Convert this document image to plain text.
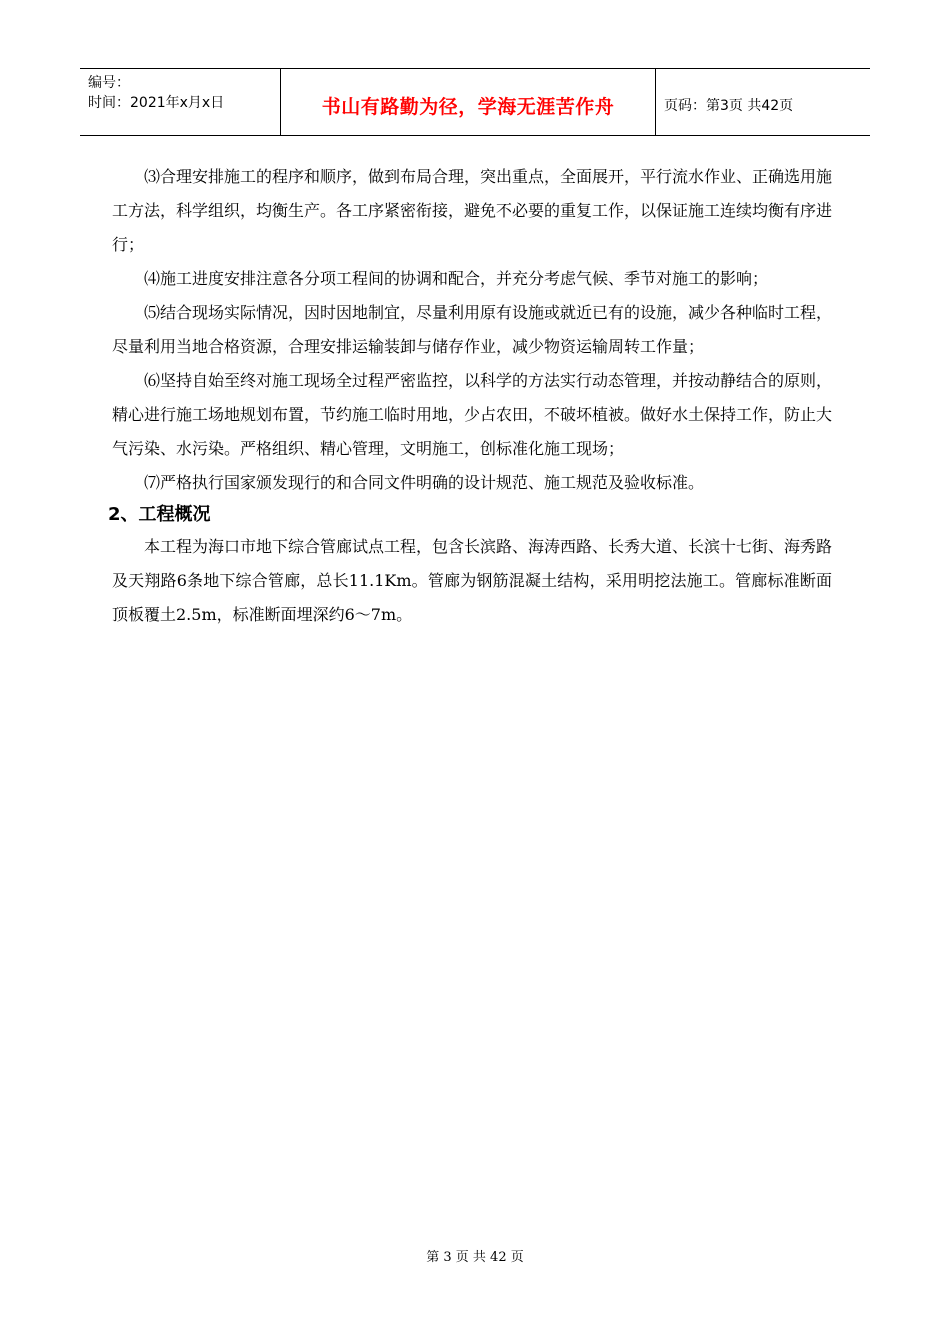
编号：
时间：2021年x月x日	书山有路勤为径，学海无涯苦作舟	页码：第3页 共42页

⑶合理安排施工的程序和顺序，做到布局合理，突出重点，全面展开，平行流水作业、正确选用施工方法，科学组织，均衡生产。各工序紧密衔接，避免不必要的重复工作，以保证施工连续均衡有序进行；

⑷施工进度安排注意各分项工程间的协调和配合，并充分考虑气候、季节对施工的影响；

⑸结合现场实际情况，因时因地制宜，尽量利用原有设施或就近已有的设施，减少各种临时工程，尽量利用当地合格资源，合理安排运输装卸与储存作业，减少物资运输周转工作量；

⑹坚持自始至终对施工现场全过程严密监控，以科学的方法实行动态管理，并按动静结合的原则，精心进行施工场地规划布置，节约施工临时用地，少占农田，不破坏植被。做好水土保持工作，防止大气污染、水污染。严格组织、精心管理，文明施工，创标准化施工现场；

⑺严格执行国家颁发现行的和合同文件明确的设计规范、施工规范及验收标准。

2、工程概况

本工程为海口市地下综合管廊试点工程，包含长滨路、海涛西路、长秀大道、长滨十七街、海秀路及天翔路6条地下综合管廊，总长11.1Km。管廊为钢筋混凝土结构，采用明挖法施工。管廊标准断面顶板覆土2.5m，标准断面埋深约6～7m。

第 3 页 共 42 页
